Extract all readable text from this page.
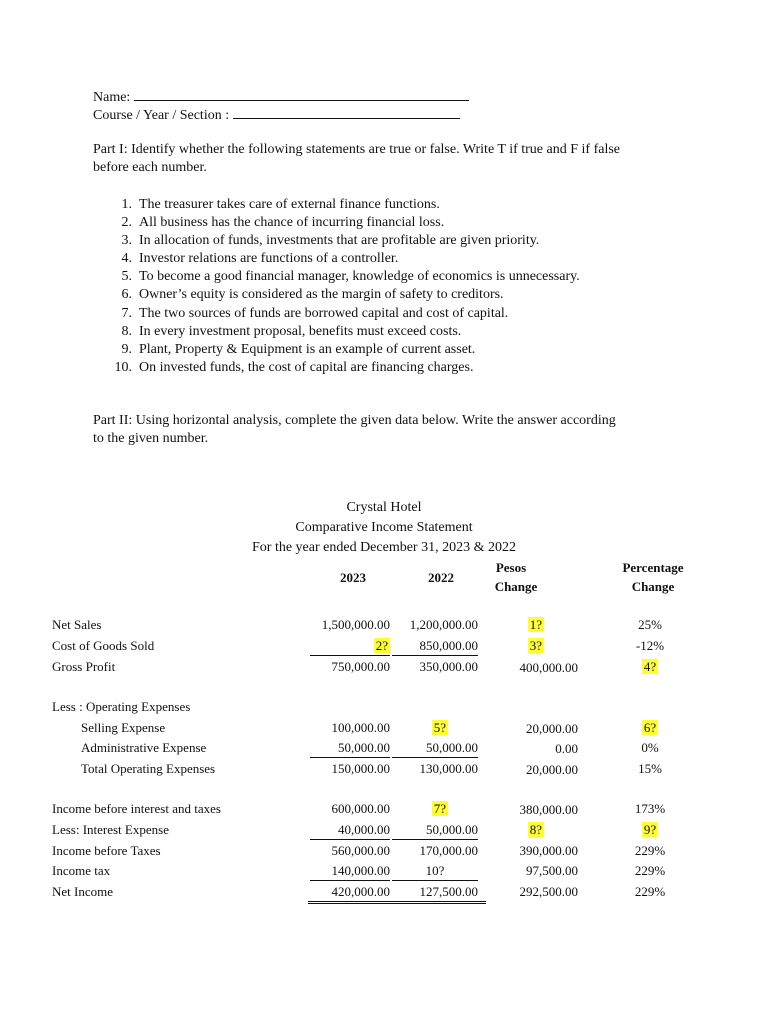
Name:
Course / Year / Section :
Part I: Identify whether the following statements are true or false. Write T if true and F if false
before each number.
1. The treasurer takes care of external finance functions.
2. All business has the chance of incurring financial loss.
3. In allocation of funds, investments that are profitable are given priority.
4. Investor relations are functions of a controller.
5. To become a good financial manager, knowledge of economics is unnecessary.
6. Owner’s equity is considered as the margin of safety to creditors.
7. The two sources of funds are borrowed capital and cost of capital.
8. In every investment proposal, benefits must exceed costs.
9. Plant, Property & Equipment is an example of current asset.
10. On invested funds, the cost of capital are financing charges.
Part II: Using horizontal analysis, complete the given data below. Write the answer according
to the given number.
Crystal Hotel
Comparative Income Statement
For the year ended December 31, 2023 & 2022
2023	2022
Pesos
Change
Percentage
Change
Net Sales	1,500,000.00	1,200,000.00	1?	25%
Cost of Goods Sold	2?	850,000.00	3?	-12%
Gross Profit	750,000.00	350,000.00	400,000.00	4?
Less : Operating Expenses
Selling Expense	100,000.00	5?	20,000.00	6?
Administrative Expense	50,000.00	50,000.00	0.00	0%
Total Operating Expenses	150,000.00	130,000.00	20,000.00	15%
Income before interest and taxes	600,000.00	7?	380,000.00	173%
Less: Interest Expense	40,000.00	50,000.00	8?	9?
Income before Taxes	560,000.00	170,000.00	390,000.00	229%
Income tax	140,000.00	10?	97,500.00	229%
Net Income	420,000.00	127,500.00	292,500.00	229%
